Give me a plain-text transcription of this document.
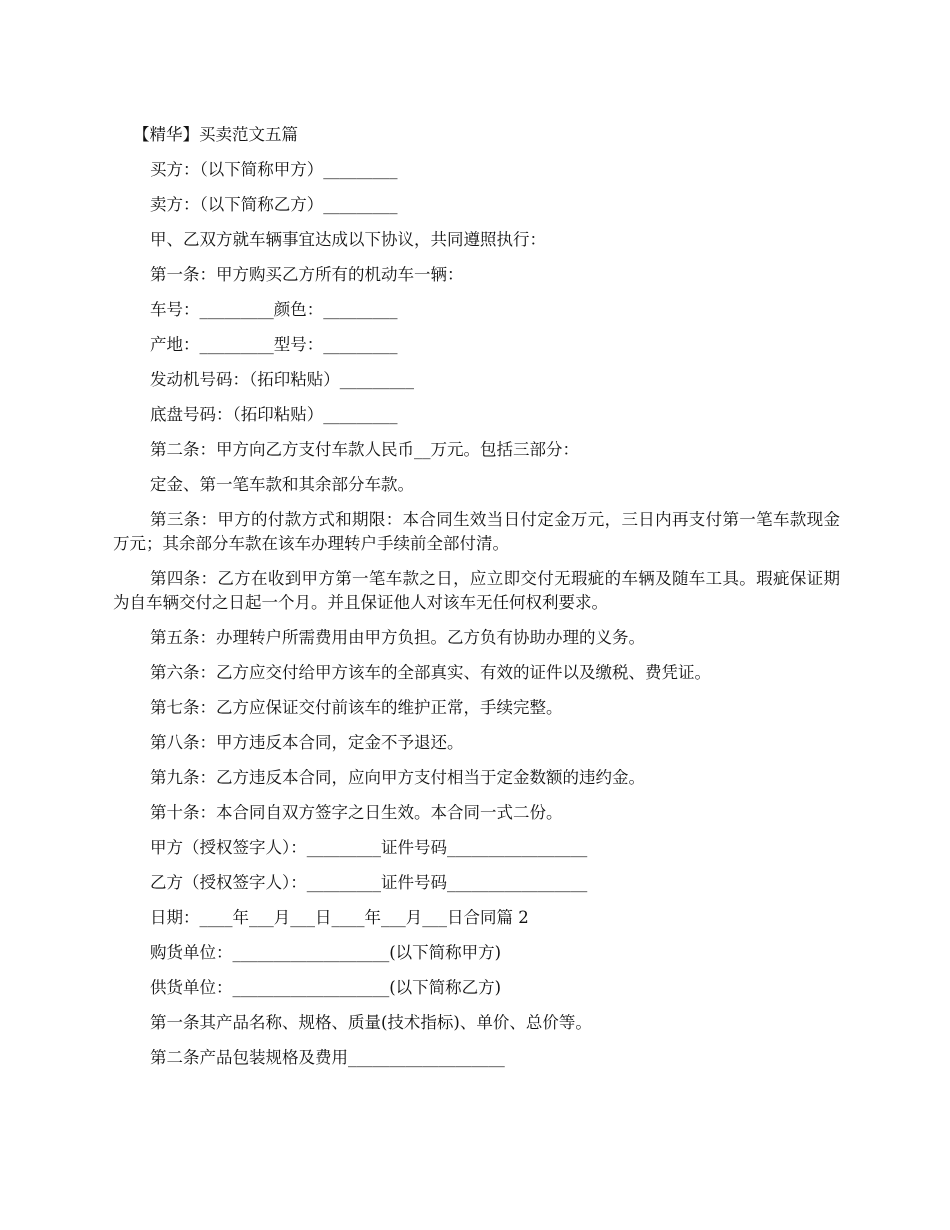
【精华】买卖范文五篇
买方：（以下简称甲方）_________
卖方：（以下简称乙方）_________
甲、乙双方就车辆事宜达成以下协议，共同遵照执行：
第一条：甲方购买乙方所有的机动车一辆：
车号：_________颜色：_________
产地：_________型号：_________
发动机号码：（拓印粘贴）_________
底盘号码：（拓印粘贴）_________
第二条：甲方向乙方支付车款人民币__万元。包括三部分：
定金、第一笔车款和其余部分车款。
第三条：甲方的付款方式和期限：本合同生效当日付定金万元，三日内再支付第一笔车款现金万元；其余部分车款在该车办理转户手续前全部付清。
第四条：乙方在收到甲方第一笔车款之日，应立即交付无瑕疵的车辆及随车工具。瑕疵保证期为自车辆交付之日起一个月。并且保证他人对该车无任何权利要求。
第五条：办理转户所需费用由甲方负担。乙方负有协助办理的义务。
第六条：乙方应交付给甲方该车的全部真实、有效的证件以及缴税、费凭证。
第七条：乙方应保证交付前该车的维护正常，手续完整。
第八条：甲方违反本合同，定金不予退还。
第九条：乙方违反本合同，应向甲方支付相当于定金数额的违约金。
第十条：本合同自双方签字之日生效。本合同一式二份。
甲方（授权签字人）：_________证件号码_________________
乙方（授权签字人）：_________证件号码_________________
日期：____年___月___日____年___月___日合同篇 2
购货单位：___________________(以下简称甲方)
供货单位：___________________(以下简称乙方)
第一条其产品名称、规格、质量(技术指标)、单价、总价等。
第二条产品包装规格及费用___________________
